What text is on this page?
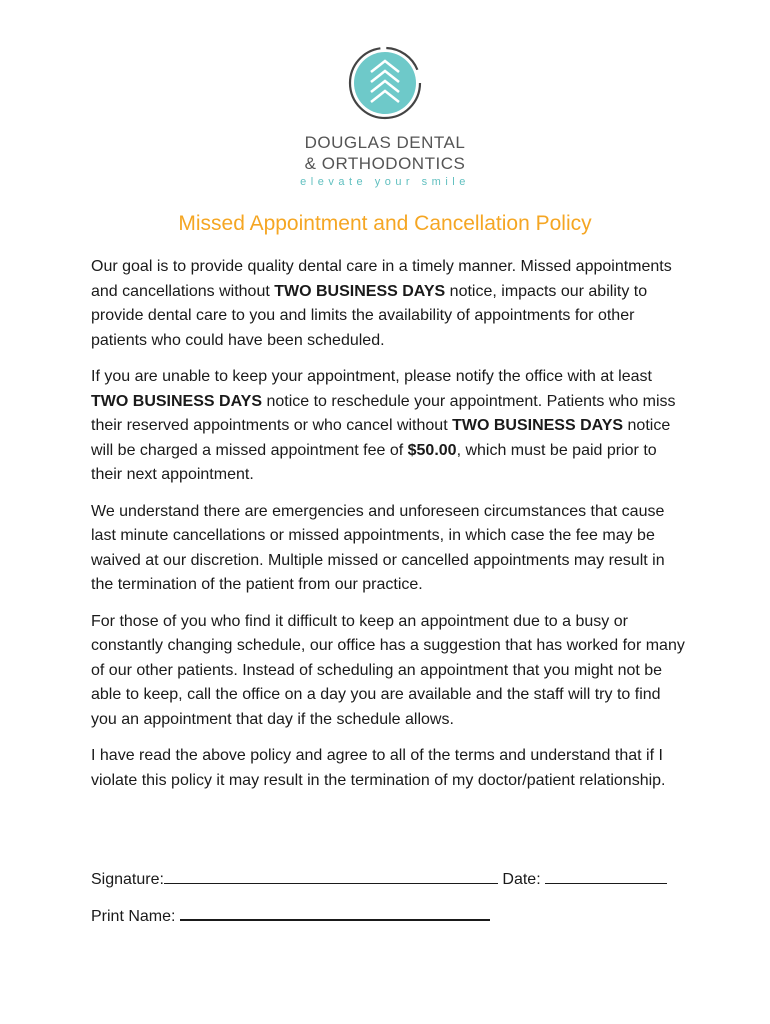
DOUGLAS DENTAL
& ORTHODONTICS
elevate your smile
Missed Appointment and Cancellation Policy

Our goal is to provide quality dental care in a timely manner. Missed appointments and cancellations without TWO BUSINESS DAYS notice, impacts our ability to provide dental care to you and limits the availability of appointments for other patients who could have been scheduled.

If you are unable to keep your appointment, please notify the office with at least TWO BUSINESS DAYS notice to reschedule your appointment. Patients who miss their reserved appointments or who cancel without TWO BUSINESS DAYS notice will be charged a missed appointment fee of $50.00, which must be paid prior to their next appointment.

We understand there are emergencies and unforeseen circumstances that cause last minute cancellations or missed appointments, in which case the fee may be waived at our discretion. Multiple missed or cancelled appointments may result in the termination of the patient from our practice.

For those of you who find it difficult to keep an appointment due to a busy or constantly changing schedule, our office has a suggestion that has worked for many of our other patients. Instead of scheduling an appointment that you might not be able to keep, call the office on a day you are available and the staff will try to find you an appointment that day if the schedule allows.

I have read the above policy and agree to all of the terms and understand that if I violate this policy it may result in the termination of my doctor/patient relationship.

Signature:	Date:
Print Name:
